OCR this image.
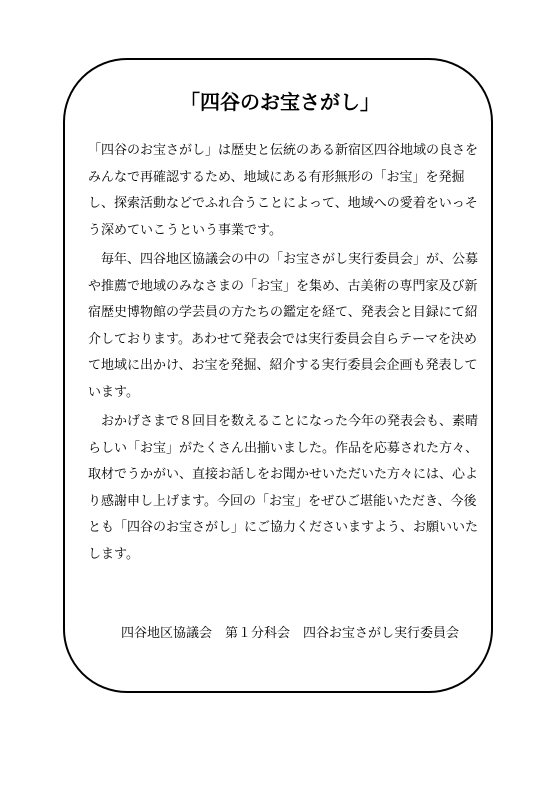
「四谷のお宝さがし」

「四谷のお宝さがし」は歴史と伝統のある新宿区四谷地域の良さをみんなで再確認するため、地域にある有形無形の「お宝」を発掘し、探索活動などでふれ合うことによって、地域への愛着をいっそう深めていこうという事業です。

　毎年、四谷地区協議会の中の「お宝さがし実行委員会」が、公募や推薦で地域のみなさまの「お宝」を集め、古美術の専門家及び新宿歴史博物館の学芸員の方たちの鑑定を経て、発表会と目録にて紹介しております。あわせて発表会では実行委員会自らテーマを決めて地域に出かけ、お宝を発掘、紹介する実行委員会企画も発表しています。

　おかげさまで８回目を数えることになった今年の発表会も、素晴らしい「お宝」がたくさん出揃いました。作品を応募された方々、取材でうかがい、直接お話しをお聞かせいただいた方々には、心より感謝申し上げます。今回の「お宝」をぜひご堪能いただき、今後とも「四谷のお宝さがし」にご協力くださいますよう、お願いいたします。

四谷地区協議会　第１分科会　四谷お宝さがし実行委員会
